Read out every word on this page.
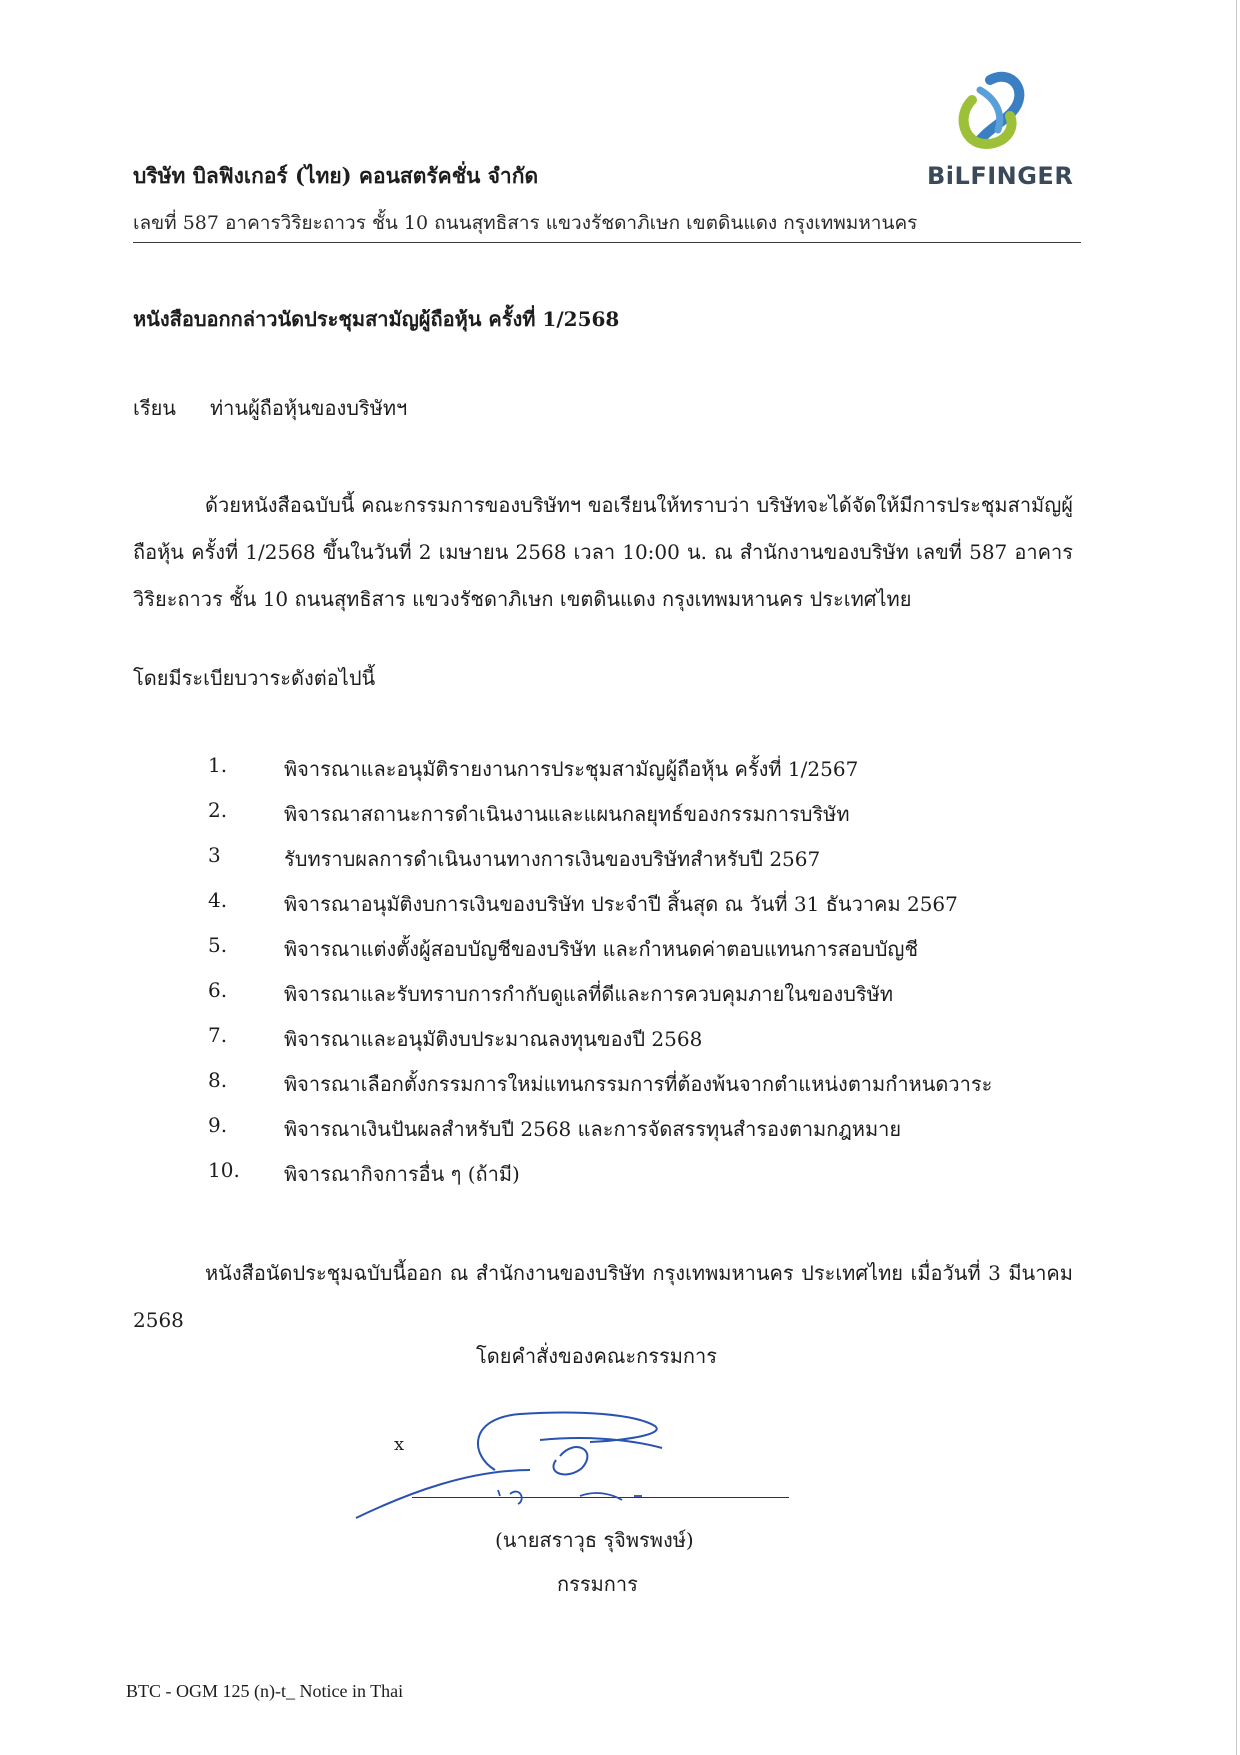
BiLFINGER
บริษัท บิลฟิงเกอร์ (ไทย) คอนสตรัคชั่น จำกัด
เลขที่ 587 อาคารวิริยะถาวร ชั้น 10 ถนนสุทธิสาร แขวงรัชดาภิเษก เขตดินแดง กรุงเทพมหานคร
หนังสือบอกกล่าวนัดประชุมสามัญผู้ถือหุ้น ครั้งที่ 1/2568
เรียน ท่านผู้ถือหุ้นของบริษัทฯ
ด้วยหนังสือฉบับนี้ คณะกรรมการของบริษัทฯ ขอเรียนให้ทราบว่า บริษัทจะได้จัดให้มีการประชุมสามัญผู้ถือหุ้น ครั้งที่ 1/2568 ขึ้นในวันที่ 2 เมษายน 2568 เวลา 10:00 น. ณ สำนักงานของบริษัท เลขที่ 587 อาคารวิริยะถาวร ชั้น 10 ถนนสุทธิสาร แขวงรัชดาภิเษก เขตดินแดง กรุงเทพมหานคร ประเทศไทย
โดยมีระเบียบวาระดังต่อไปนี้
1.	พิจารณาและอนุมัติรายงานการประชุมสามัญผู้ถือหุ้น ครั้งที่ 1/2567
2.	พิจารณาสถานะการดำเนินงานและแผนกลยุทธ์ของกรรมการบริษัท
3	รับทราบผลการดำเนินงานทางการเงินของบริษัทสำหรับปี 2567
4.	พิจารณาอนุมัติงบการเงินของบริษัท ประจำปี สิ้นสุด ณ วันที่ 31 ธันวาคม 2567
5.	พิจารณาแต่งตั้งผู้สอบบัญชีของบริษัท และกำหนดค่าตอบแทนการสอบบัญชี
6.	พิจารณาและรับทราบการกำกับดูแลที่ดีและการควบคุมภายในของบริษัท
7.	พิจารณาและอนุมัติงบประมาณลงทุนของปี 2568
8.	พิจารณาเลือกตั้งกรรมการใหม่แทนกรรมการที่ต้องพ้นจากตำแหน่งตามกำหนดวาระ
9.	พิจารณาเงินปันผลสำหรับปี 2568 และการจัดสรรทุนสำรองตามกฎหมาย
10. พิจารณากิจการอื่น ๆ (ถ้ามี)
หนังสือนัดประชุมฉบับนี้ออก ณ สำนักงานของบริษัท กรุงเทพมหานคร ประเทศไทย เมื่อวันที่ 3 มีนาคม 2568
โดยคำสั่งของคณะกรรมการ
x
(นายสราวุธ รุจิพรพงษ์)
กรรมการ
BTC - OGM 125 (n)-t_ Notice in Thai
